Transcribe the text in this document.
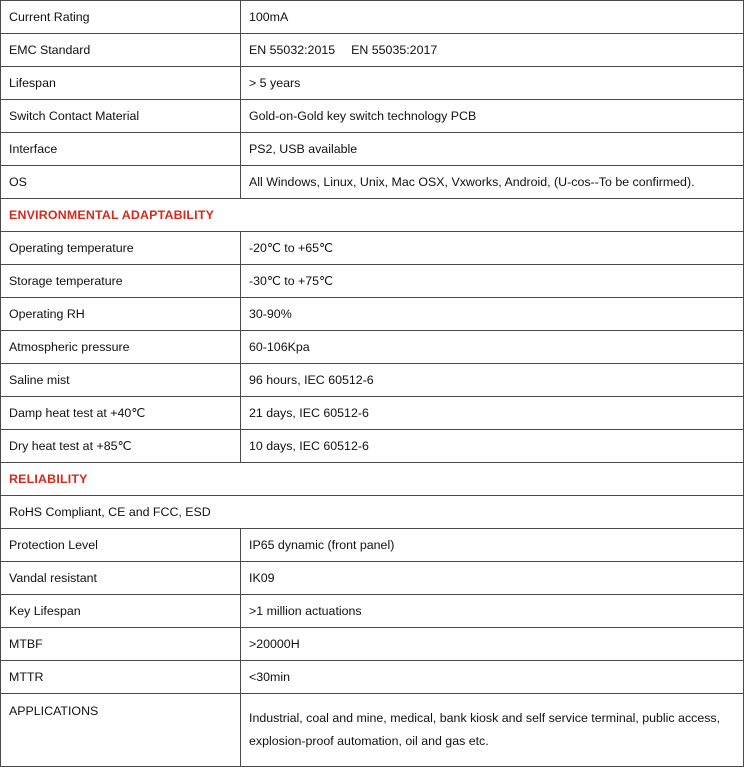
Current Rating	100mA
EMC Standard	EN 55032:2015 EN 55035:2017
Lifespan	> 5 years
Switch Contact Material	Gold-on-Gold key switch technology PCB
Interface	PS2, USB available
OS	All Windows, Linux, Unix, Mac OSX, Vxworks, Android, (U-cos--To be confirmed).
ENVIRONMENTAL ADAPTABILITY	
Operating temperature	-20℃ to +65℃
Storage temperature	-30℃ to +75℃
Operating RH	30-90%
Atmospheric pressure	60-106Kpa
Saline mist	96 hours, IEC 60512-6
Damp heat test at +40℃	21 days, IEC 60512-6
Dry heat test at +85℃	10 days, IEC 60512-6
RELIABILITY	
RoHS Compliant, CE and FCC, ESD	
Protection Level	IP65 dynamic (front panel)
Vandal resistant	IK09
Key Lifespan	>1 million actuations
MTBF	>20000H
MTTR	<30min
APPLICATIONS	Industrial, coal and mine, medical, bank kiosk and self service terminal, public access, explosion-proof automation, oil and gas etc.
